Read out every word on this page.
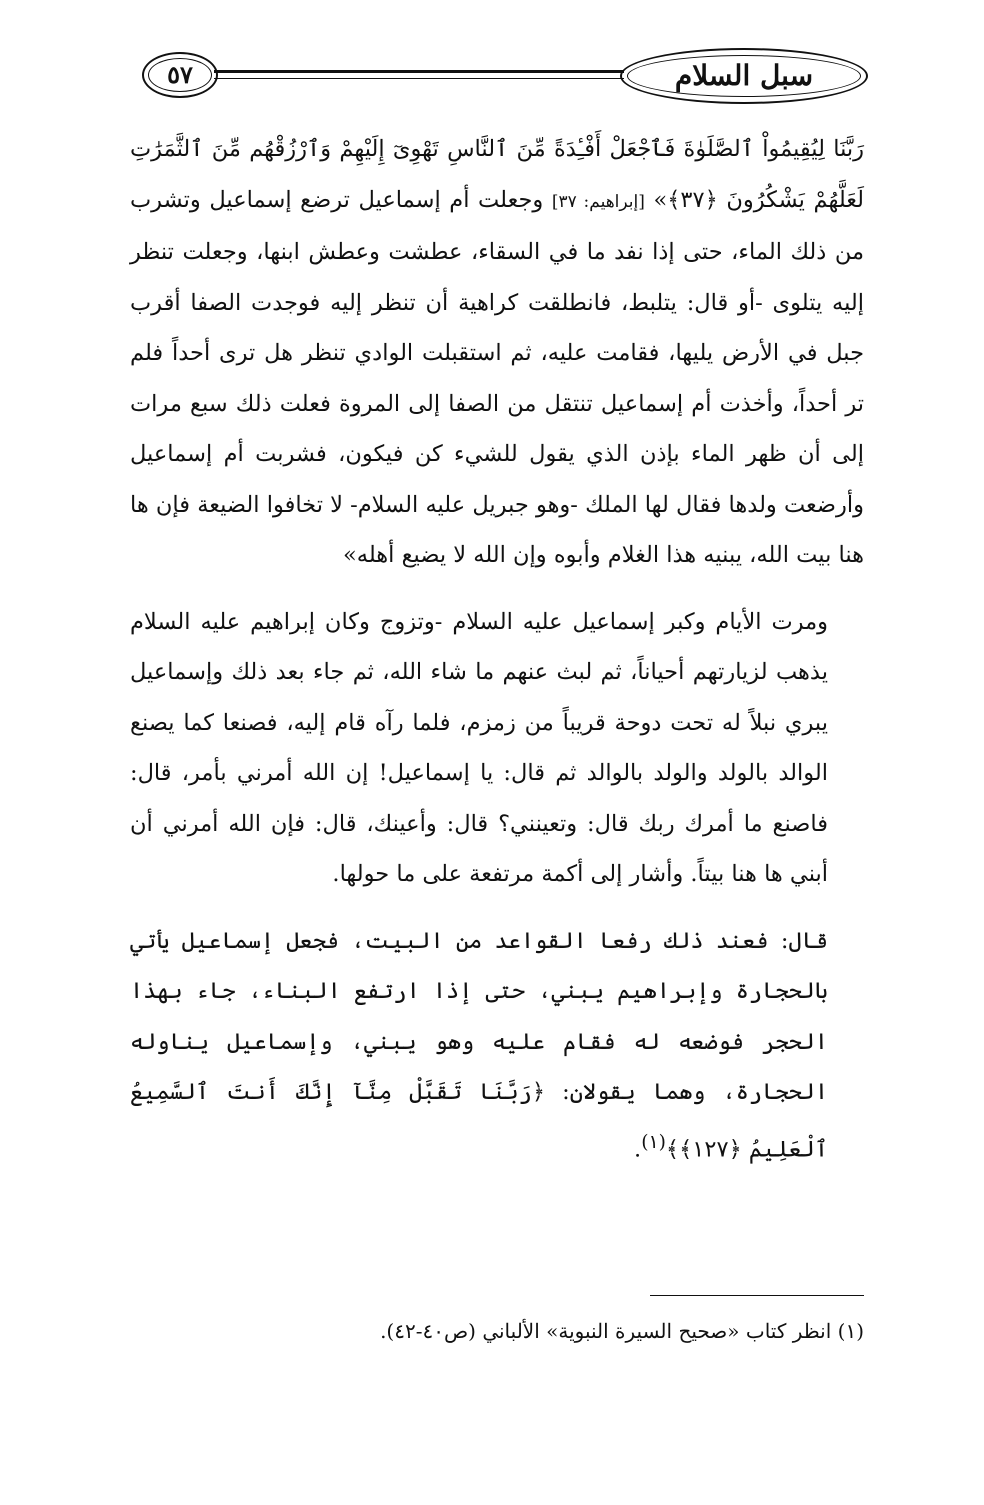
٥٧	سبل السلام

رَبَّنَا لِيُقِيمُواْ ٱلصَّلَوٰةَ فَٱجْعَلْ أَفْـِٔدَةً مِّنَ ٱلنَّاسِ تَهْوِىٓ إِلَيْهِمْ وَٱرْزُقْهُم مِّنَ ٱلثَّمَرَٰتِ لَعَلَّهُمْ يَشْكُرُونَ ﴿٣٧﴾» [إبراهيم: ٣٧] وجعلت أم إسماعيل ترضع إسماعيل وتشرب من ذلك الماء، حتى إذا نفد ما في السقاء، عطشت وعطش ابنها، وجعلت تنظر إليه يتلوى -أو قال: يتلبط، فانطلقت كراهية أن تنظر إليه فوجدت الصفا أقرب جبل في الأرض يليها، فقامت عليه، ثم استقبلت الوادي تنظر هل ترى أحداً فلم تر أحداً، وأخذت أم إسماعيل تنتقل من الصفا إلى المروة فعلت ذلك سبع مرات إلى أن ظهر الماء بإذن الذي يقول للشيء كن فيكون، فشربت أم إسماعيل وأرضعت ولدها فقال لها الملك -وهو جبريل عليه السلام- لا تخافوا الضيعة فإن ها هنا بيت الله، يبنيه هذا الغلام وأبوه وإن الله لا يضيع أهله»

ومرت الأيام وكبر إسماعيل عليه السلام -وتزوج وكان إبراهيم عليه السلام يذهب لزيارتهم أحياناً، ثم لبث عنهم ما شاء الله، ثم جاء بعد ذلك وإسماعيل يبري نبلاً له تحت دوحة قريباً من زمزم، فلما رآه قام إليه، فصنعا كما يصنع الوالد بالولد والولد بالوالد ثم قال: يا إسماعيل! إن الله أمرني بأمر، قال: فاصنع ما أمرك ربك قال: وتعينني؟ قال: وأعينك، قال: فإن الله أمرني أن أبني ها هنا بيتاً. وأشار إلى أكمة مرتفعة على ما حولها.

قال: فعند ذلك رفعا القواعد من البيت، فجعل إسماعيل يأتي بالحجارة وإبراهيم يبني، حتى إذا ارتفع البناء، جاء بهذا الحجر فوضعه له فقام عليه وهو يبني، وإسماعيل يناوله الحجارة، وهما يقولان: ﴿رَبَّنَا تَقَبَّلْ مِنَّآ إِنَّكَ أَنتَ ٱلسَّمِيعُ ٱلْعَلِيمُ ﴿١٢٧﴾﴾$^{(١)}$.

(١) انظر كتاب «صحيح السيرة النبوية» الألباني (ص٤٠-٤٢).
